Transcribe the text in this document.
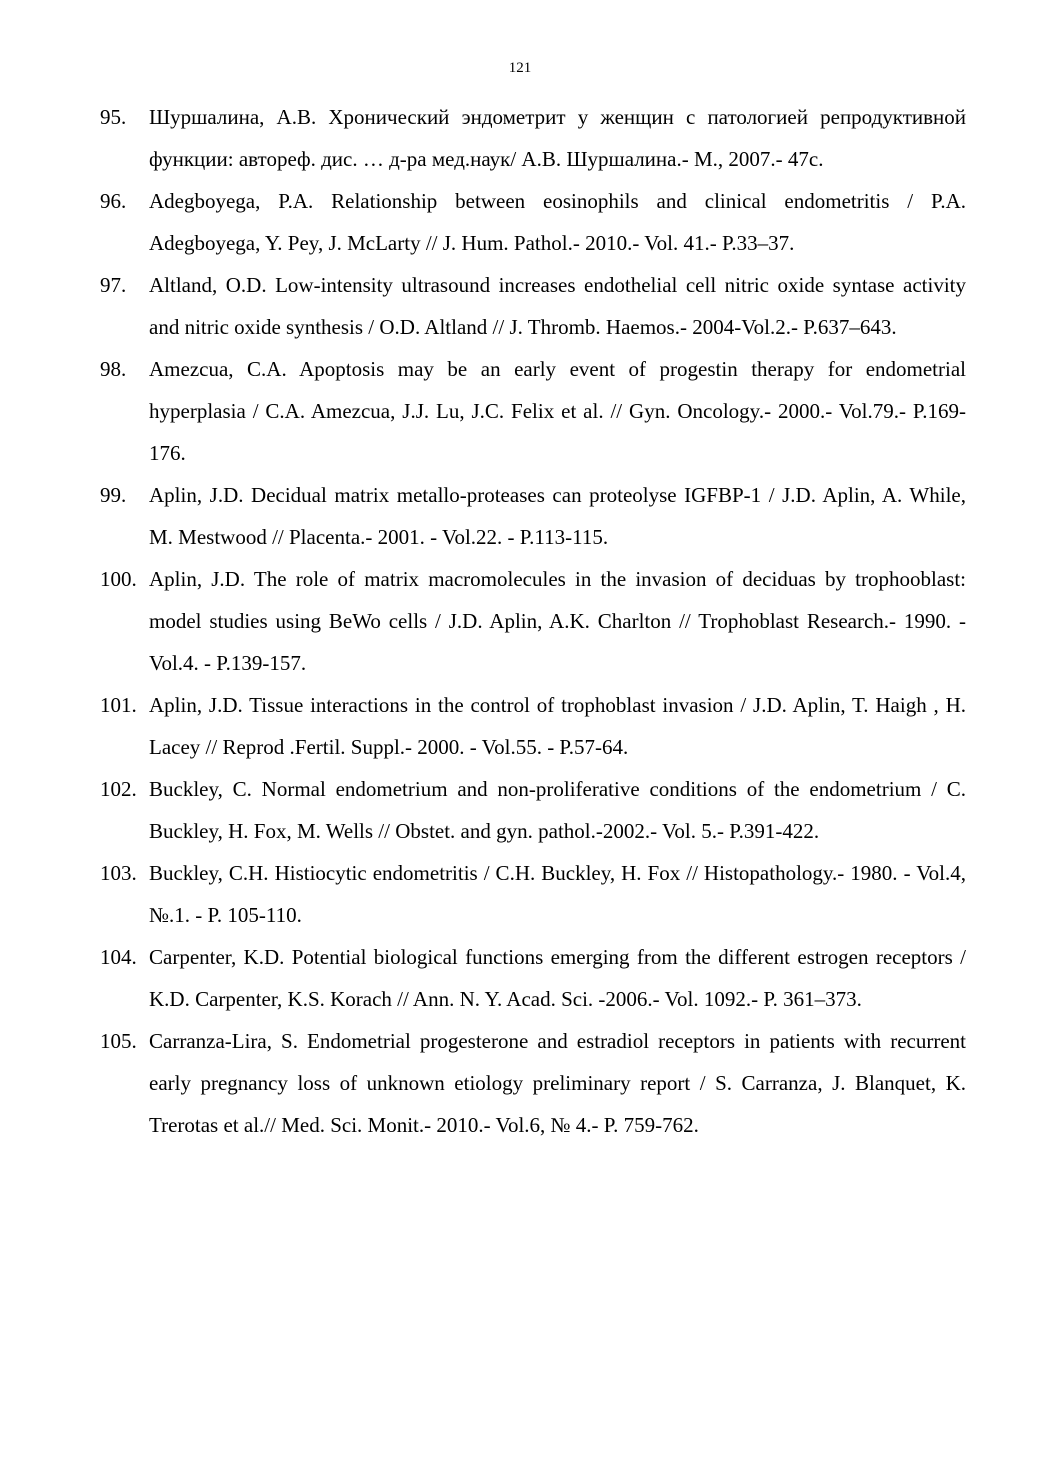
121
95.	Шуршалина, А.В. Хронический эндометрит у женщин с патологией репродуктивной функции: автореф. дис. … д-ра мед.наук/ А.В. Шуршалина.- М., 2007.- 47с.
96.	Adegboyega, P.A. Relationship between eosinophils and clinical endometritis / P.A. Adegboyega, Y. Pey, J. McLarty // J. Hum. Pathol.- 2010.- Vol. 41.- P.33–37.
97.	Altland, O.D. Low-intensity ultrasound increases endothelial cell nitric oxide syntase activity and nitric oxide synthesis / O.D. Altland // J. Thromb. Haemos.- 2004-Vol.2.- P.637–643.
98.	Amezcua, C.A. Apoptosis may be an early event of progestin therapy for endometrial hyperplasia / C.A. Amezcua, J.J. Lu, J.C. Felix et al. // Gyn. Oncology.- 2000.- Vol.79.- P.169-176.
99.	Aplin, J.D. Decidual matrix metallo-proteases can proteolyse IGFBP-1 / J.D. Aplin, A. While, M. Mestwood // Placenta.- 2001. - Vol.22. - P.113-115.
100. Aplin, J.D. The role of matrix macromolecules in the invasion of deciduas by trophooblast: model studies using BeWo cells / J.D. Aplin, A.K. Charlton // Trophoblast Research.- 1990. - Vol.4. - P.139-157.
101. Aplin, J.D. Tissue interactions in the control of trophoblast invasion / J.D. Aplin, T. Haigh , H. Lacey // Reprod .Fertil. Suppl.- 2000. - Vol.55. - P.57-64.
102. Buckley, C. Normal endometrium and non-proliferative conditions of the endometrium / C. Buckley, H. Fox, M. Wells // Obstet. and gyn. pathol.-2002.- Vol. 5.- P.391-422.
103. Buckley, C.H. Histiocytic endometritis / C.H. Buckley, H. Fox // Histopathology.- 1980. - Vol.4, №.1. - P. 105-110.
104. Carpenter, K.D. Potential biological functions emerging from the different estrogen receptors / K.D. Carpenter, K.S. Korach // Ann. N. Y. Acad. Sci. -2006.- Vol. 1092.- P. 361–373.
105. Carranza-Lira, S. Endometrial progesterone and estradiol receptors in patients with recurrent early pregnancy loss of unknown etiology preliminary report / S. Carranza, J. Blanquet, K. Trerotas et al.// Med. Sci. Monit.- 2010.- Vol.6, № 4.- P. 759-762.
